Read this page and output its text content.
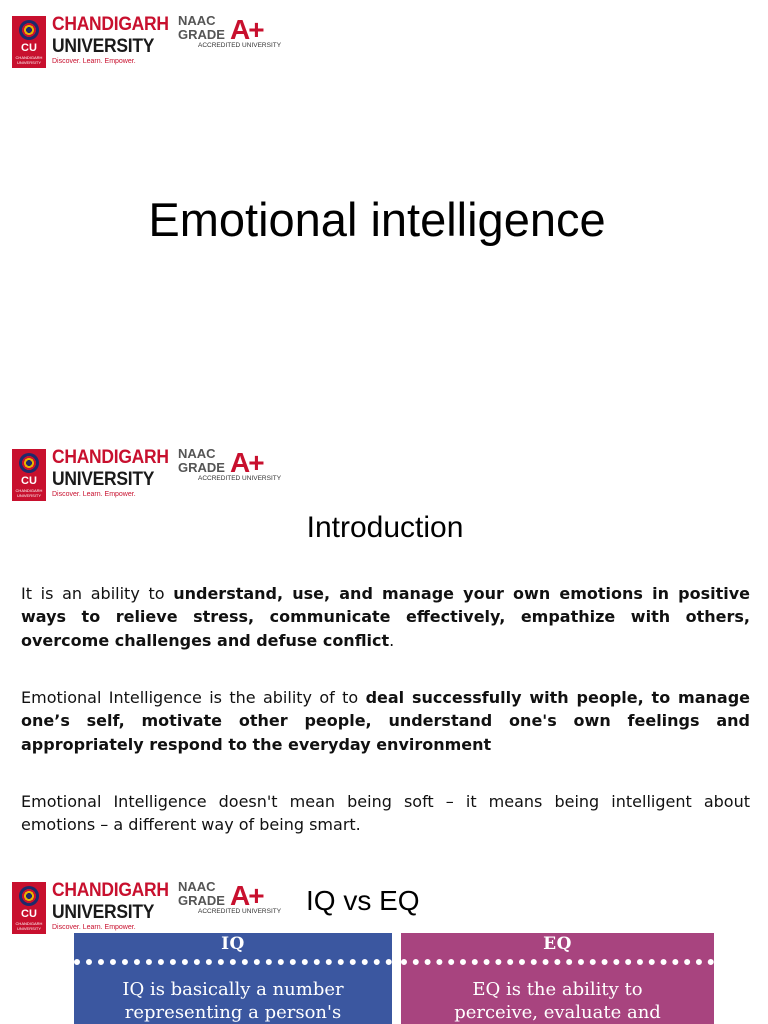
CU
CHANDIGARH UNIVERSITY
CHANDIGARH
UNIVERSITY
Discover. Learn. Empower.
NAAC
GRADE A+
ACCREDITED UNIVERSITY
Emotional intelligence
CU
CHANDIGARH UNIVERSITY
CHANDIGARH
UNIVERSITY
Discover. Learn. Empower.
NAAC
GRADE A+
ACCREDITED UNIVERSITY
Introduction
It is an ability to understand, use, and manage your own emotions in positive ways to relieve stress, communicate effectively, empathize with others, overcome challenges and defuse conflict.
Emotional Intelligence is the ability of to deal successfully with people, to manage one’s self, motivate other people, understand one's own feelings and appropriately respond to the everyday environment
Emotional Intelligence doesn't mean being soft – it means being intelligent about emotions – a different way of being smart.
CU
CHANDIGARH UNIVERSITY
CHANDIGARH
UNIVERSITY
Discover. Learn. Empower.
NAAC
GRADE A+
ACCREDITED UNIVERSITY IQ vs EQ
IQ
IQ is basically a number
representing a person's
EQ
EQ is the ability to
perceive, evaluate and
